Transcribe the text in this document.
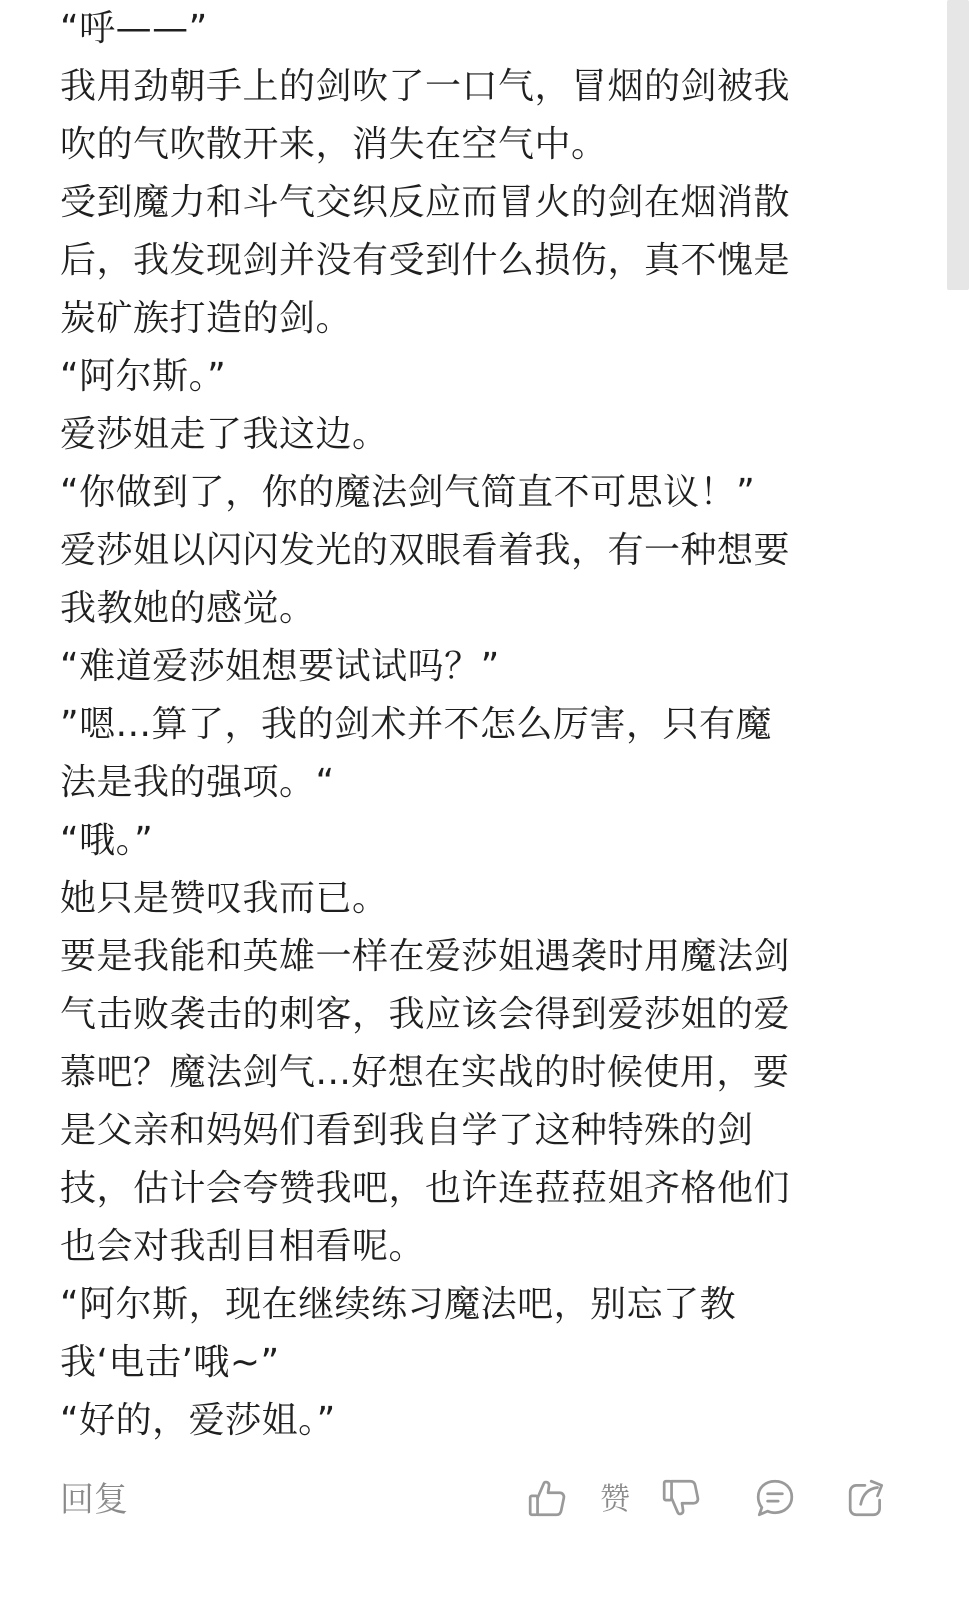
“呼——”
我用劲朝手上的剑吹了一口气，冒烟的剑被我
吹的气吹散开来，消失在空气中。
受到魔力和斗气交织反应而冒火的剑在烟消散
后，我发现剑并没有受到什么损伤，真不愧是
炭矿族打造的剑。
“阿尔斯。”
爱莎姐走了我这边。
“你做到了，你的魔法剑气简直不可思议！”
爱莎姐以闪闪发光的双眼看着我，有一种想要
我教她的感觉。
“难道爱莎姐想要试试吗？”
”嗯...算了，我的剑术并不怎么厉害，只有魔
法是我的强项。“
“哦。”
她只是赞叹我而已。
要是我能和英雄一样在爱莎姐遇袭时用魔法剑
气击败袭击的刺客，我应该会得到爱莎姐的爱
慕吧？魔法剑气...好想在实战的时候使用，要
是父亲和妈妈们看到我自学了这种特殊的剑
技，估计会夸赞我吧，也许连菈菈姐齐格他们
也会对我刮目相看呢。
“阿尔斯，现在继续练习魔法吧，别忘了教
我‘电击’哦~”
“好的，爱莎姐。”
回复	赞
